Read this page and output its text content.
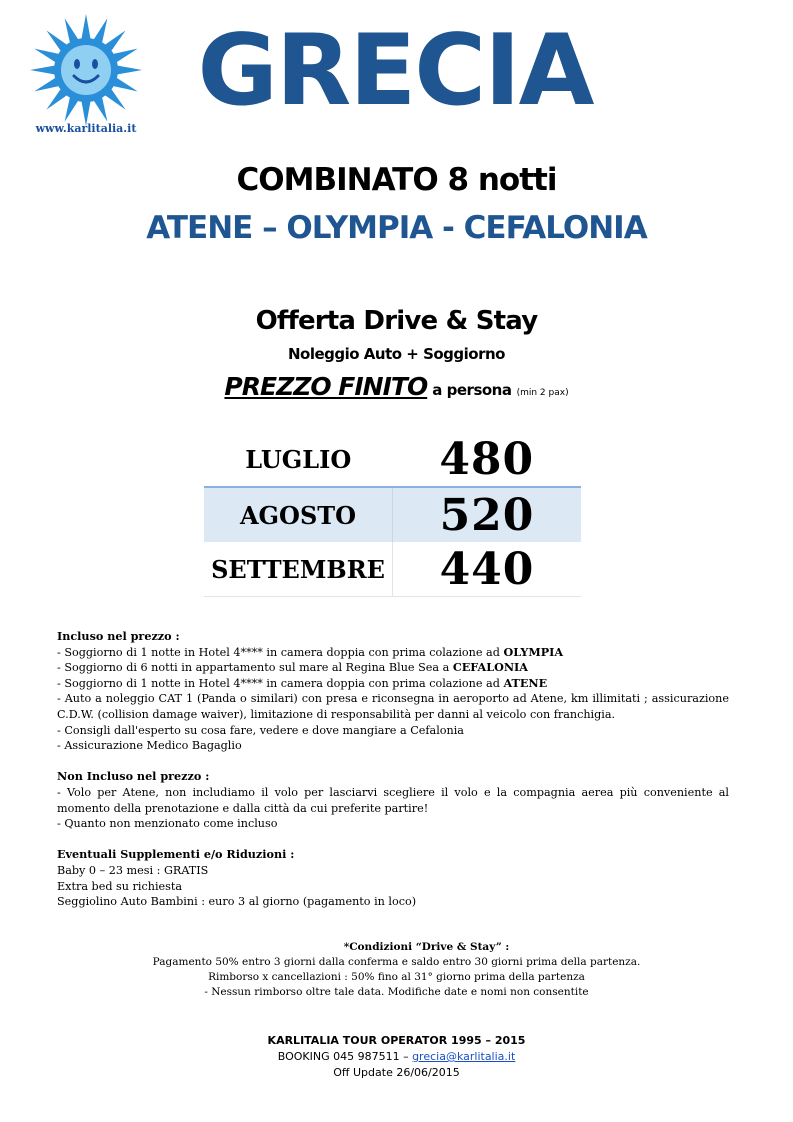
www.karlitalia.it
GRECIA
COMBINATO 8 notti
ATENE – OLYMPIA - CEFALONIA
Offerta Drive & Stay
Noleggio Auto + Soggiorno
PREZZO FINITO a persona (min 2 pax)
LUGLIO	480
AGOSTO	520
SETTEMBRE	440

Incluso nel prezzo :

- Soggiorno di 1 notte in Hotel 4**** in camera doppia con prima colazione ad OLYMPIA

- Soggiorno di 6 notti in appartamento sul mare al Regina Blue Sea a CEFALONIA

- Soggiorno di 1 notte in Hotel 4**** in camera doppia con prima colazione ad ATENE

- Auto a noleggio CAT 1 (Panda o similari) con presa e riconsegna in aeroporto ad Atene, km illimitati ; assicurazione C.D.W. (collision damage waiver), limitazione di responsabilità per danni al veicolo con franchigia.

- Consigli dall'esperto su cosa fare, vedere e dove mangiare a Cefalonia

- Assicurazione Medico Bagaglio

Non Incluso nel prezzo :

- Volo per Atene, non includiamo il volo per lasciarvi scegliere il volo e la compagnia aerea più conveniente al momento della prenotazione e dalla città da cui preferite partire!

- Quanto non menzionato come incluso

Eventuali Supplementi e/o Riduzioni :

Baby 0 – 23 mesi : GRATIS

Extra bed su richiesta

Seggiolino Auto Bambini : euro 3 al giorno (pagamento in loco)

*Condizioni “Drive & Stay” :

Pagamento 50% entro 3 giorni dalla conferma e saldo entro 30 giorni prima della partenza.

Rimborso x cancellazioni : 50% fino al 31° giorno prima della partenza

- Nessun rimborso oltre tale data. Modifiche date e nomi non consentite

KARLITALIA TOUR OPERATOR 1995 – 2015

BOOKING 045 987511 – grecia@karlitalia.it

Off Update 26/06/2015
